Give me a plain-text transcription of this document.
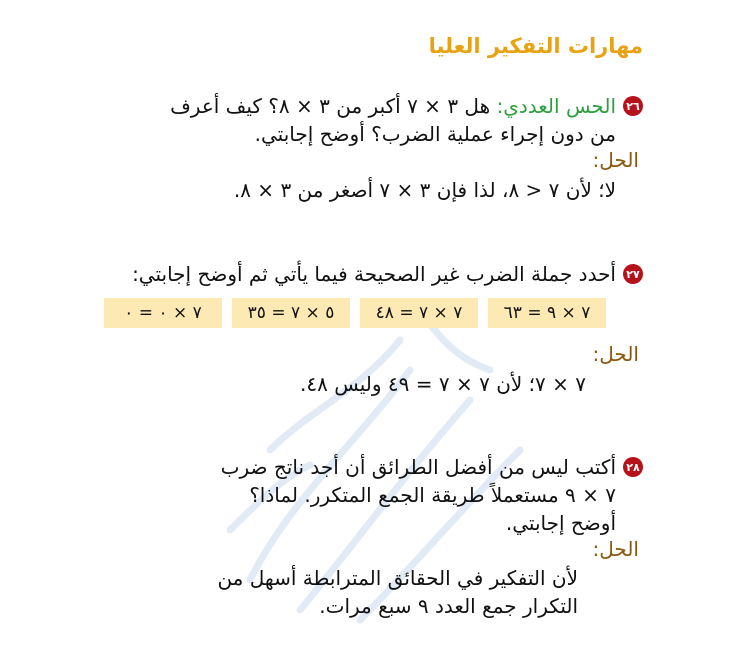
مهارات التفكير العليا
٢٦
الحس العددي: هل ٣ × ٧ أكبر من ٣ × ٨؟ كيف أعرف
من دون إجراء عملية الضرب؟ أوضح إجابتي.
الحل:
لا؛ لأن ٧ < ٨، لذا فإن ٣ × ٧ أصغر من ٣ × ٨.
٢٧
أحدد جملة الضرب غير الصحيحة فيما يأتي ثم أوضح إجابتي:
٧ × ٩ = ٦٣
٧ × ٧ = ٤٨
٥ × ٧ = ٣٥
٧ × ٠ = ٠
الحل:
٧ × ٧؛ لأن ٧ × ٧ = ٤٩ وليس ٤٨.
٢٨
أكتب ليس من أفضل الطرائق أن أجد ناتج ضرب
٧ × ٩ مستعملاً طريقة الجمع المتكرر. لماذا؟
أوضح إجابتي.
الحل:
لأن التفكير في الحقائق المترابطة أسهل من
التكرار جمع العدد ٩ سبع مرات.
